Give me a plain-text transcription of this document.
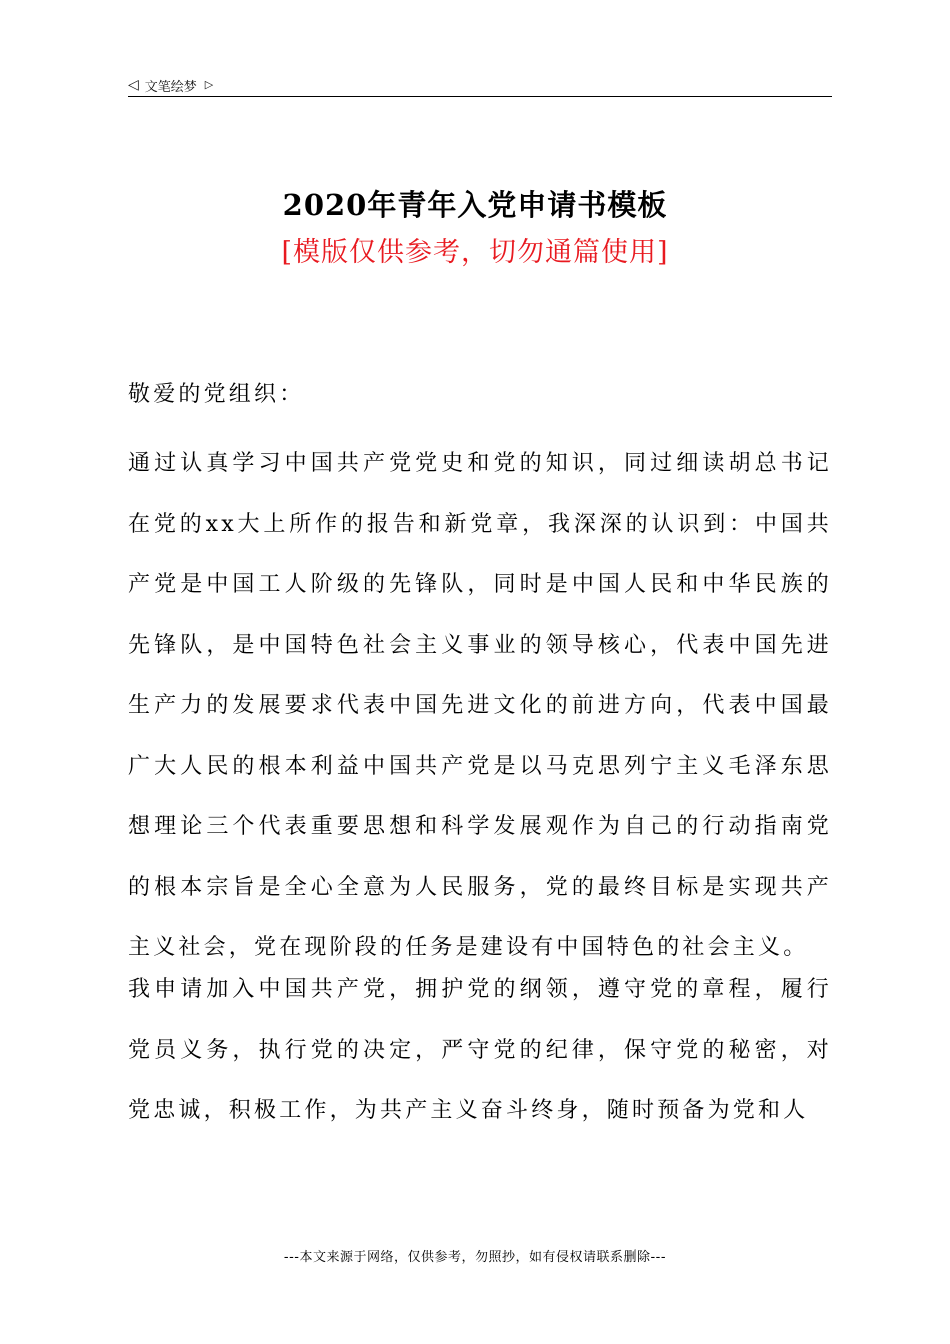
◁ 文笔绘梦 ▷
2020年青年入党申请书模板
[模版仅供参考，切勿通篇使用]
敬爱的党组织：
通过认真学习中国共产党党史和党的知识，同过细读胡总书记在党的xx大上所作的报告和新党章，我深深的认识到：中国共产党是中国工人阶级的先锋队，同时是中国人民和中华民族的先锋队，是中国特色社会主义事业的领导核心，代表中国先进生产力的发展要求代表中国先进文化的前进方向，代表中国最广大人民的根本利益中国共产党是以马克思列宁主义毛泽东思想理论三个代表重要思想和科学发展观作为自己的行动指南党的根本宗旨是全心全意为人民服务，党的最终目标是实现共产主义社会，党在现阶段的任务是建设有中国特色的社会主义。
我申请加入中国共产党，拥护党的纲领，遵守党的章程，履行党员义务，执行党的决定，严守党的纪律，保守党的秘密，对党忠诚，积极工作，为共产主义奋斗终身，随时预备为党和人
---本文来源于网络，仅供参考，勿照抄，如有侵权请联系删除---
